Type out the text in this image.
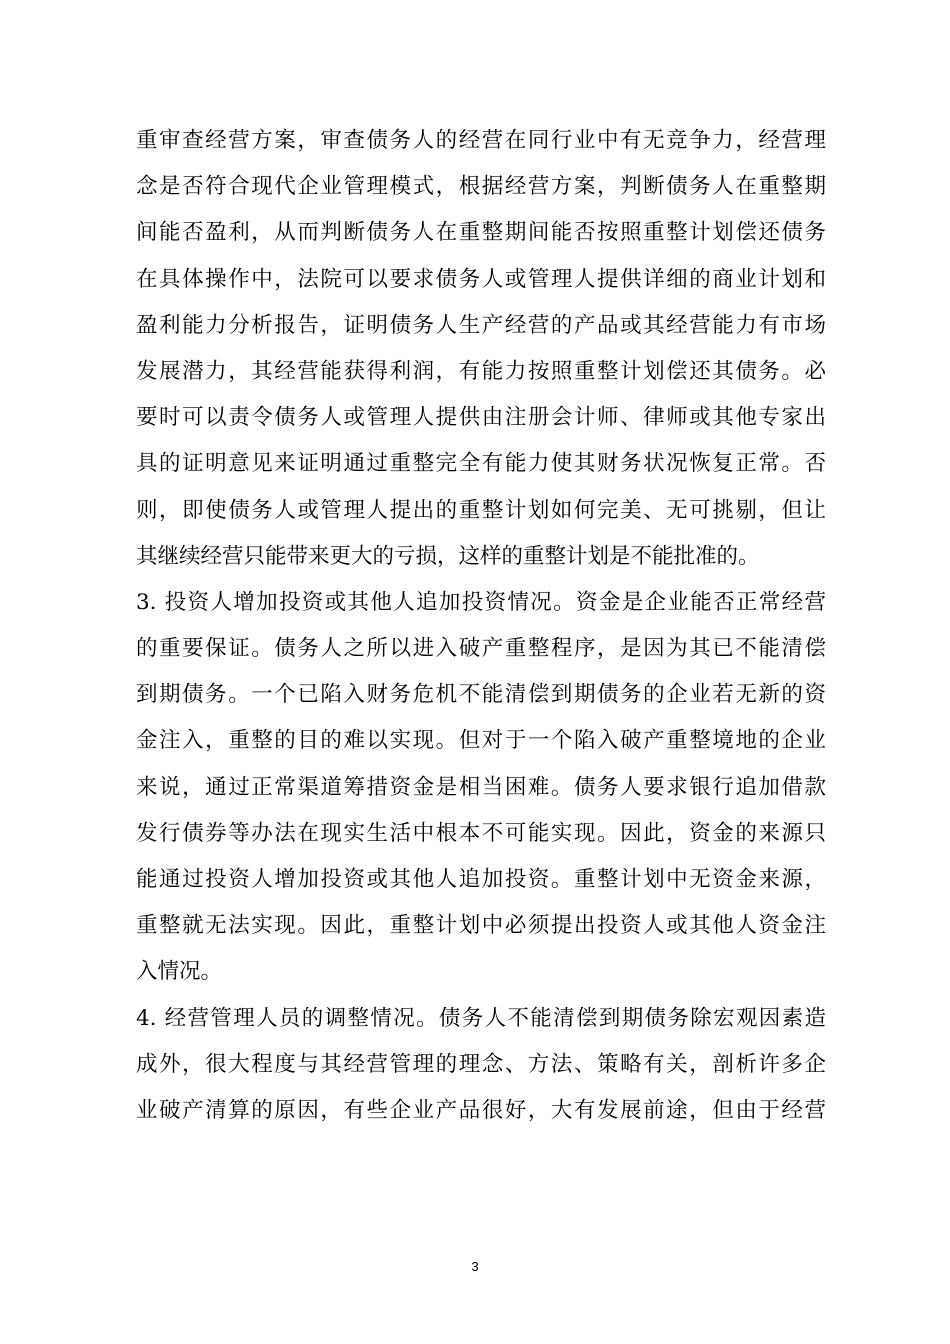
重审查经营方案，审查债务人的经营在同行业中有无竞争力，经营理
念是否符合现代企业管理模式，根据经营方案，判断债务人在重整期
间能否盈利，从而判断债务人在重整期间能否按照重整计划偿还债务
在具体操作中，法院可以要求债务人或管理人提供详细的商业计划和
盈利能力分析报告，证明债务人生产经营的产品或其经营能力有市场
发展潜力，其经营能获得利润，有能力按照重整计划偿还其债务。必
要时可以责令债务人或管理人提供由注册会计师、律师或其他专家出
具的证明意见来证明通过重整完全有能力使其财务状况恢复正常。否
则，即使债务人或管理人提出的重整计划如何完美、无可挑剔，但让
其继续经营只能带来更大的亏损，这样的重整计划是不能批准的。
3. 投资人增加投资或其他人追加投资情况。资金是企业能否正常经营
的重要保证。债务人之所以进入破产重整程序，是因为其已不能清偿
到期债务。一个已陷入财务危机不能清偿到期债务的企业若无新的资
金注入，重整的目的难以实现。但对于一个陷入破产重整境地的企业
来说，通过正常渠道筹措资金是相当困难。债务人要求银行追加借款
发行债券等办法在现实生活中根本不可能实现。因此，资金的来源只
能通过投资人增加投资或其他人追加投资。重整计划中无资金来源，
重整就无法实现。因此，重整计划中必须提出投资人或其他人资金注
入情况。
4. 经营管理人员的调整情况。债务人不能清偿到期债务除宏观因素造
成外，很大程度与其经营管理的理念、方法、策略有关，剖析许多企
业破产清算的原因，有些企业产品很好，大有发展前途，但由于经营
3
